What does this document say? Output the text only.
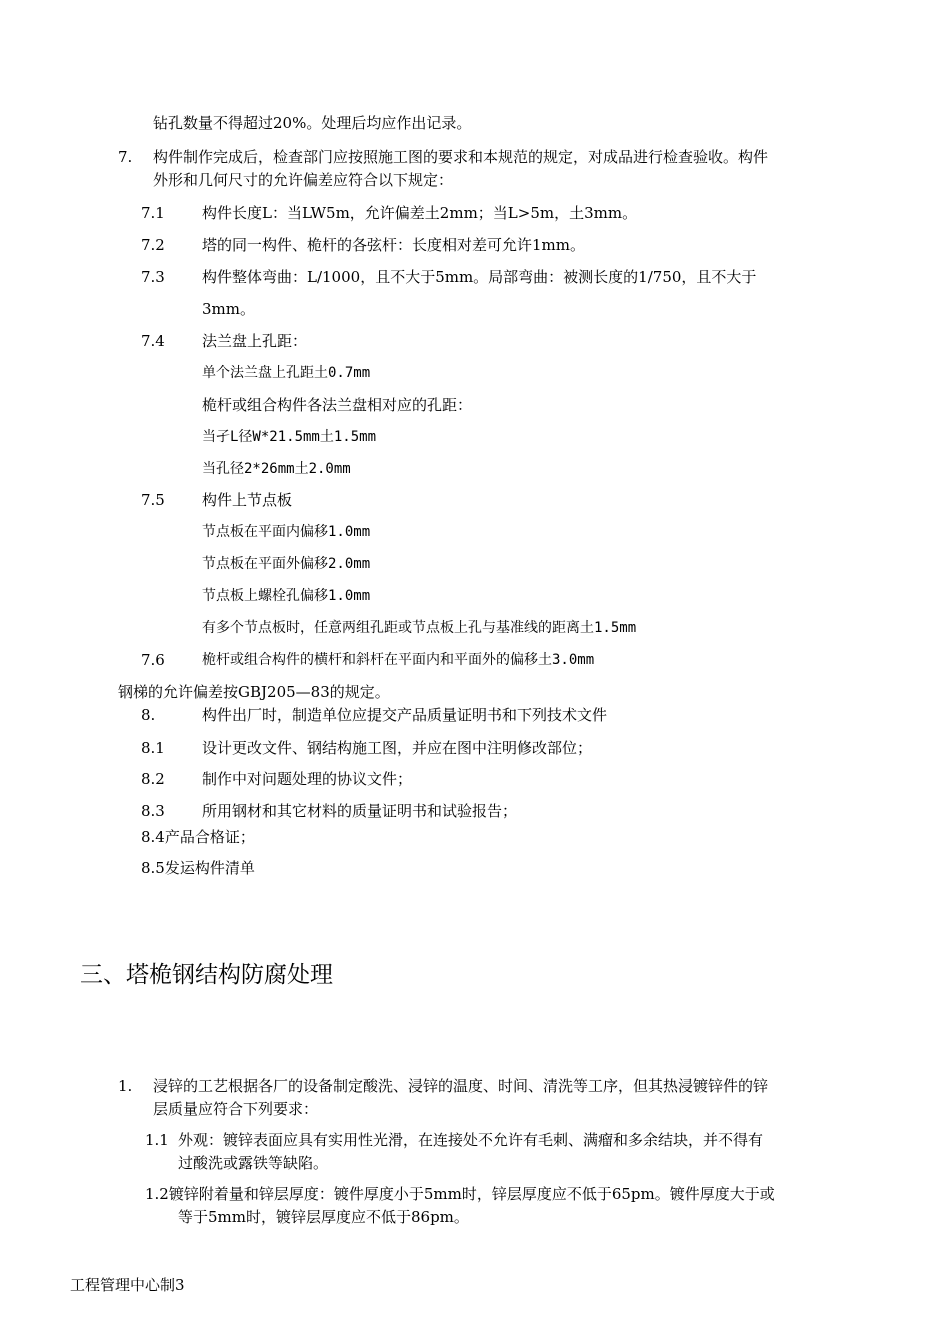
钻孔数量不得超过20%。处理后均应作出记录。
7. 构件制作完成后，检查部门应按照施工图的要求和本规范的规定，对成品进行检查验收。构件
外形和几何尺寸的允许偏差应符合以下规定：
7.1 构件长度L：当LW5m，允许偏差土2mm；当L>5m，土3mm。
7.2 塔的同一构件、桅杆的各弦杆：长度相对差可允许1mm。
7.3 构件整体弯曲：L/1000，且不大于5mm。局部弯曲：被测长度的1/750，且不大于
3mm。
7.4 法兰盘上孔距：
单个法兰盘上孔距土0.7mm
桅杆或组合构件各法兰盘相对应的孔距：
当孑L径W*21.5mm土1.5mm
当孔径2*26mm土2.0mm
7.5 构件上节点板
节点板在平面内偏移1.0mm
节点板在平面外偏移2.0mm
节点板上螺栓孔偏移1.0mm
有多个节点板时，任意两组孔距或节点板上孔与基准线的距离土1.5mm
7.6	桅杆或组合构件的横杆和斜杆在平面内和平面外的偏移土3.0mm
钢梯的允许偏差按GBJ205—83的规定。
8.	构件出厂时，制造单位应提交产品质量证明书和下列技术文件
8.1 设计更改文件、钢结构施工图，并应在图中注明修改部位；
8.2 制作中对问题处理的协议文件；
8.3 所用钢材和其它材料的质量证明书和试验报告；
8.4产品合格证；
8.5发运构件清单
三、塔桅钢结构防腐处理
1. 浸锌的工艺根据各厂的设备制定酸洗、浸锌的温度、时间、清洗等工序，但其热浸镀锌件的锌
层质量应符合下列要求：
1.1 外观：镀锌表面应具有实用性光滑，在连接处不允许有毛刺、满瘤和多余结块，并不得有
过酸洗或露铁等缺陷。
1.2镀锌附着量和锌层厚度：镀件厚度小于5mm时，锌层厚度应不低于65pm。镀件厚度大于或
等于5mm时，镀锌层厚度应不低于86pm。
工程管理中心制3
